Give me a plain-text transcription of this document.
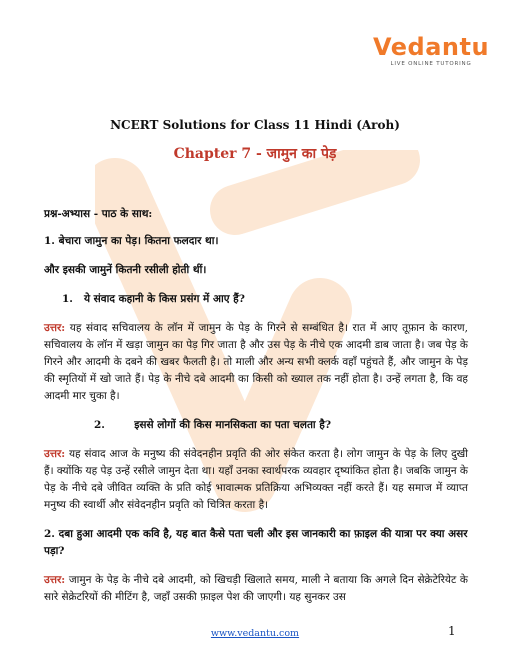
Vedantu
LIVE ONLINE TUTORING
NCERT Solutions for Class 11 Hindi (Aroh)
Chapter 7 - जामुन का पेड़

प्रश्न-अभ्यास - पाठ के साथ:

1. बेचारा जामुन का पेड़। कितना फलदार था।

और इसकी जामुनें कितनी रसीली होती थीं।

1. ये संवाद कहानी के किस प्रसंग में आए हैं?

उत्तर: यह संवाद सचिवालय के लॉन में जामुन के पेड़ के गिरने से सम्बंधित है। रात में आए तूफ़ान के कारण, सचिवालय के लॉन में खड़ा जामुन का पेड़ गिर जाता है और उस पेड़ के नीचे एक आदमी डाब जाता है। जब पेड़ के गिरने और आदमी के दबने की खबर फैलती है। तो माली और अन्य सभी क्लर्क वहाँ पहुंचते हैं, और जामुन के पेड़ की स्मृतियों में खो जाते हैं। पेड़ के नीचे दबे आदमी का किसी को ख्याल तक नहीं होता है। उन्हें लगता है, कि वह आदमी मार चुका है।

2.	इससे लोगों की किस मानसिकता का पता चलता है?

उत्तर: यह संवाद आज के मनुष्य की संवेदनहीन प्रवृति की ओर संकेत करता है। लोग जामुन के पेड़ के लिए दुखी हैं। क्योंकि यह पेड़ उन्हें रसीले जामुन देता था। यहाँ उनका स्वार्थपरक व्यवहार दृष्यांकित होता है। जबकि जामुन के पेड़ के नीचे दबे जीवित व्यक्ति के प्रति कोई भावात्मक प्रतिक्रिया अभिव्यक्त नहीं करते हैं। यह समाज में व्याप्त मनुष्य की स्वार्थी और संवेदनहीन प्रवृति को चित्रित करता है।

2. दबा हुआ आदमी एक कवि है, यह बात कैसे पता चली और इस जानकारी का फ़ाइल की यात्रा पर क्या असर पड़ा?

उत्तर: जामुन के पेड़ के नीचे दबे आदमी, को खिचड़ी खिलाते समय, माली ने बताया कि अगले दिन सेक्रेटेरियेट के सारे सेक्रेटरियों की मीटिंग है, जहाँ उसकी फ़ाइल पेश की जाएगी। यह सुनकर उस

www.vedantu.com	1
